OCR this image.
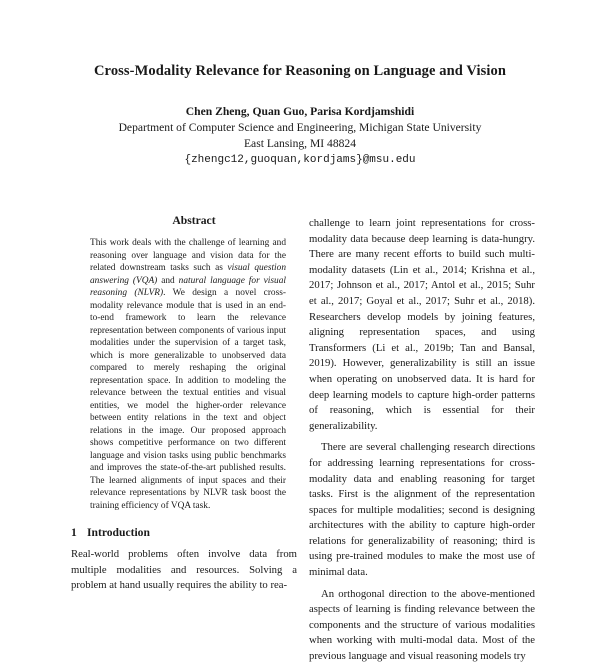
Cross-Modality Relevance for Reasoning on Language and Vision
Chen Zheng, Quan Guo, Parisa Kordjamshidi
Department of Computer Science and Engineering, Michigan State University
East Lansing, MI 48824
{zhengc12,guoquan,kordjams}@msu.edu
Abstract

This work deals with the challenge of learning and reasoning over language and vision data for the related downstream tasks such as visual question answering (VQA) and natural language for visual reasoning (NLVR). We design a novel cross-modality relevance module that is used in an end-to-end framework to learn the relevance representation between components of various input modalities under the supervision of a target task, which is more generalizable to unobserved data compared to merely reshaping the original representation space. In addition to modeling the relevance between the textual entities and visual entities, we model the higher-order relevance between entity relations in the text and object relations in the image. Our proposed approach shows competitive performance on two different language and vision tasks using public benchmarks and improves the state-of-the-art published results. The learned alignments of input spaces and their relevance representations by NLVR task boost the training efficiency of VQA task.

1 Introduction

Real-world problems often involve data from multiple modalities and resources. Solving a problem at hand usually requires the ability to rea-

challenge to learn joint representations for cross-modality data because deep learning is data-hungry. There are many recent efforts to build such multi-modality datasets (Lin et al., 2014; Krishna et al., 2017; Johnson et al., 2017; Antol et al., 2015; Suhr et al., 2017; Goyal et al., 2017; Suhr et al., 2018). Researchers develop models by joining features, aligning representation spaces, and using Transformers (Li et al., 2019b; Tan and Bansal, 2019). However, generalizability is still an issue when operating on unobserved data. It is hard for deep learning models to capture high-order patterns of reasoning, which is essential for their generalizability.

There are several challenging research directions for addressing learning representations for cross-modality data and enabling reasoning for target tasks. First is the alignment of the representation spaces for multiple modalities; second is designing architectures with the ability to capture high-order relations for generalizability of reasoning; third is using pre-trained modules to make the most use of minimal data.

An orthogonal direction to the above-mentioned aspects of learning is finding relevance between the components and the structure of various modalities when working with multi-modal data. Most of the previous language and visual reasoning models try
